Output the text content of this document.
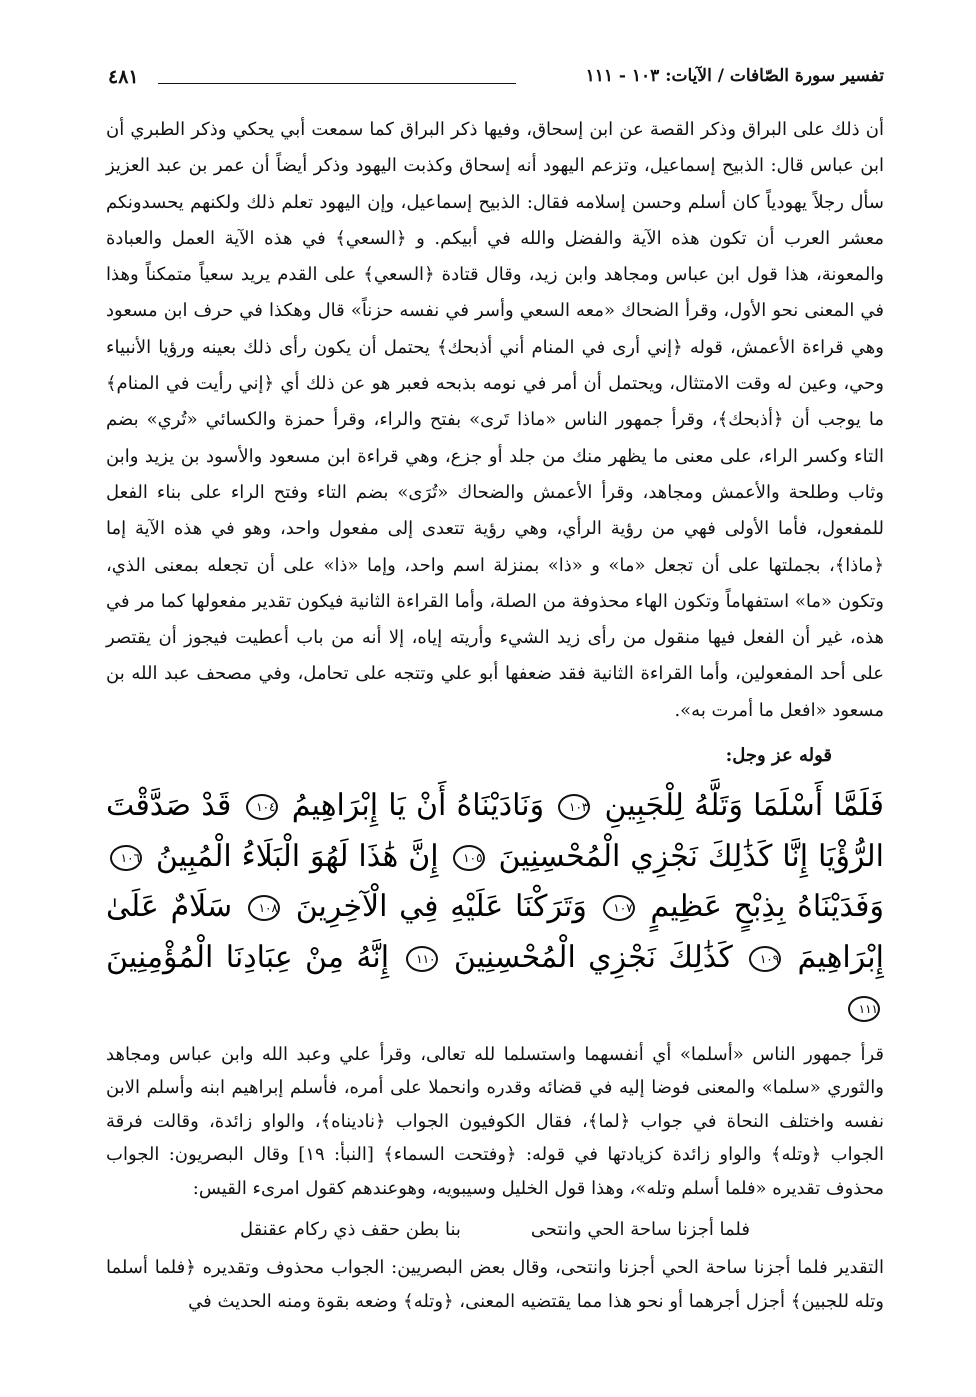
تفسير سورة الصّافات / الآيات: ١٠٣ - ١١١
٤٨١
أن ذلك على البراق وذكر القصة عن ابن إسحاق، وفيها ذكر البراق كما سمعت أبي يحكي وذكر الطبري أن ابن عباس قال: الذبيح إسماعيل، وتزعم اليهود أنه إسحاق وكذبت اليهود وذكر أيضاً أن عمر بن عبد العزيز سأل رجلاً يهودياً كان أسلم وحسن إسلامه فقال: الذبيح إسماعيل، وإن اليهود تعلم ذلك ولكنهم يحسدونكم معشر العرب أن تكون هذه الآية والفضل والله في أبيكم. و ﴿السعي﴾ في هذه الآية العمل والعبادة والمعونة، هذا قول ابن عباس ومجاهد وابن زيد، وقال قتادة ﴿السعي﴾ على القدم يريد سعياً متمكناً وهذا في المعنى نحو الأول، وقرأ الضحاك «معه السعي وأسر في نفسه حزناً» قال وهكذا في حرف ابن مسعود وهي قراءة الأعمش، قوله ﴿إني أرى في المنام أني أذبحك﴾ يحتمل أن يكون رأى ذلك بعينه ورؤيا الأنبياء وحي، وعين له وقت الامتثال، ويحتمل أن أمر في نومه بذبحه فعبر هو عن ذلك أي ﴿إني رأيت في المنام﴾ ما يوجب أن ﴿أذبحك﴾، وقرأ جمهور الناس «ماذا تَرى» بفتح والراء، وقرأ حمزة والكسائي «تُري» بضم التاء وكسر الراء، على معنى ما يظهر منك من جلد أو جزع، وهي قراءة ابن مسعود والأسود بن يزيد وابن وثاب وطلحة والأعمش ومجاهد، وقرأ الأعمش والضحاك «تُرَى» بضم التاء وفتح الراء على بناء الفعل للمفعول، فأما الأولى فهي من رؤية الرأي، وهي رؤية تتعدى إلى مفعول واحد، وهو في هذه الآية إما ﴿ماذا﴾، بجملتها على أن تجعل «ما» و «ذا» بمنزلة اسم واحد، وإما «ذا» على أن تجعله بمعنى الذي، وتكون «ما» استفهاماً وتكون الهاء محذوفة من الصلة، وأما القراءة الثانية فيكون تقدير مفعولها كما مر في هذه، غير أن الفعل فيها منقول من رأى زيد الشيء وأريته إياه، إلا أنه من باب أعطيت فيجوز أن يقتصر على أحد المفعولين، وأما القراءة الثانية فقد ضعفها أبو علي وتتجه على تحامل، وفي مصحف عبد الله بن مسعود «افعل ما أمرت به».
قوله عز وجل:
فَلَمَّا أَسْلَمَا وَتَلَّهُ لِلْجَبِينِ ١٠٣ وَنَادَيْنَاهُ أَنْ يَا إِبْرَاهِيمُ ١٠٤ قَدْ صَدَّقْتَ الرُّؤْيَا إِنَّا كَذَٰلِكَ نَجْزِي الْمُحْسِنِينَ ١٠٥ إِنَّ هَٰذَا لَهُوَ الْبَلَاءُ الْمُبِينُ ١٠٦ وَفَدَيْنَاهُ بِذِبْحٍ عَظِيمٍ ١٠٧ وَتَرَكْنَا عَلَيْهِ فِي الْآخِرِينَ ١٠٨ سَلَامٌ عَلَىٰ إِبْرَاهِيمَ ١٠٩ كَذَٰلِكَ نَجْزِي الْمُحْسِنِينَ ١١٠ إِنَّهُ مِنْ عِبَادِنَا الْمُؤْمِنِينَ ١١١
قرأ جمهور الناس «أسلما» أي أنفسهما واستسلما لله تعالى، وقرأ علي وعبد الله وابن عباس ومجاهد والثوري «سلما» والمعنى فوضا إليه في قضائه وقدره وانحملا على أمره، فأسلم إبراهيم ابنه وأسلم الابن نفسه واختلف النحاة في جواب ﴿لما﴾، فقال الكوفيون الجواب ﴿ناديناه﴾، والواو زائدة، وقالت فرقة الجواب ﴿وتله﴾ والواو زائدة كزيادتها في قوله: ﴿وفتحت السماء﴾ [النبأ: ١٩] وقال البصريون: الجواب محذوف تقديره «فلما أسلم وتله»، وهذا قول الخليل وسيبويه، وهوعندهم كقول امرىء القيس:
فلما أجزنا ساحة الحي وانتحى
بنا بطن حقف ذي ركام عقنقل
التقدير فلما أجزنا ساحة الحي أجزنا وانتحى، وقال بعض البصريين: الجواب محذوف وتقديره ﴿فلما أسلما وتله للجبين﴾ أجزل أجرهما أو نحو هذا مما يقتضيه المعنى، ﴿وتله﴾ وضعه بقوة ومنه الحديث في
